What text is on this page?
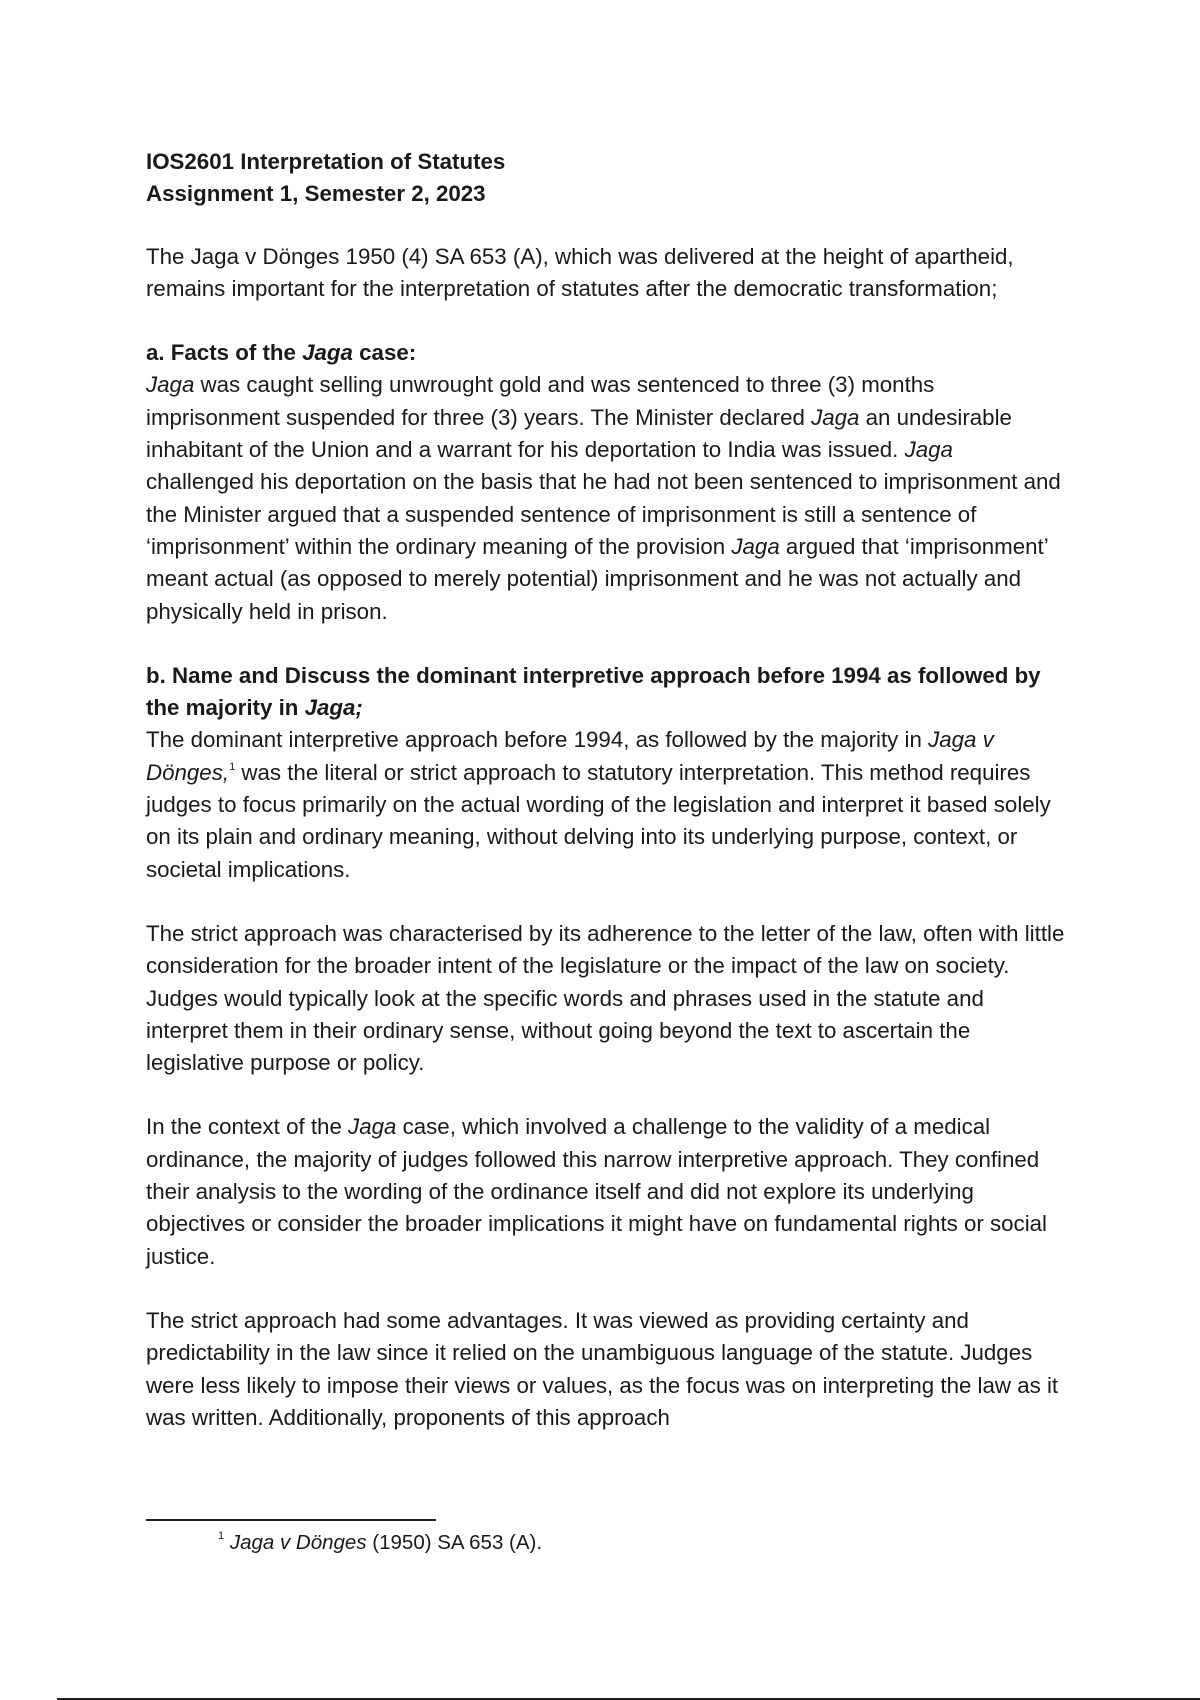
IOS2601 Interpretation of Statutes

Assignment 1, Semester 2, 2023

The Jaga v Dönges 1950 (4) SA 653 (A), which was delivered at the height of apartheid, remains important for the interpretation of statutes after the democratic transformation;

a. Facts of the Jaga case:

Jaga was caught selling unwrought gold and was sentenced to three (3) months imprisonment suspended for three (3) years. The Minister declared Jaga an undesirable inhabitant of the Union and a warrant for his deportation to India was issued. Jaga challenged his deportation on the basis that he had not been sentenced to imprisonment and the Minister argued that a suspended sentence of imprisonment is still a sentence of ‘imprisonment’ within the ordinary meaning of the provision Jaga argued that ‘imprisonment’ meant actual (as opposed to merely potential) imprisonment and he was not actually and physically held in prison.

b. Name and Discuss the dominant interpretive approach before 1994 as followed by the majority in Jaga;

The dominant interpretive approach before 1994, as followed by the majority in Jaga v Dönges,$^1$ was the literal or strict approach to statutory interpretation. This method requires judges to focus primarily on the actual wording of the legislation and interpret it based solely on its plain and ordinary meaning, without delving into its underlying purpose, context, or societal implications.

The strict approach was characterised by its adherence to the letter of the law, often with little consideration for the broader intent of the legislature or the impact of the law on society. Judges would typically look at the specific words and phrases used in the statute and interpret them in their ordinary sense, without going beyond the text to ascertain the legislative purpose or policy.

In the context of the Jaga case, which involved a challenge to the validity of a medical ordinance, the majority of judges followed this narrow interpretive approach. They confined their analysis to the wording of the ordinance itself and did not explore its underlying objectives or consider the broader implications it might have on fundamental rights or social justice.

The strict approach had some advantages. It was viewed as providing certainty and predictability in the law since it relied on the unambiguous language of the statute. Judges were less likely to impose their views or values, as the focus was on interpreting the law as it was written. Additionally, proponents of this approach

$^1$ Jaga v Dönges (1950) SA 653 (A).
